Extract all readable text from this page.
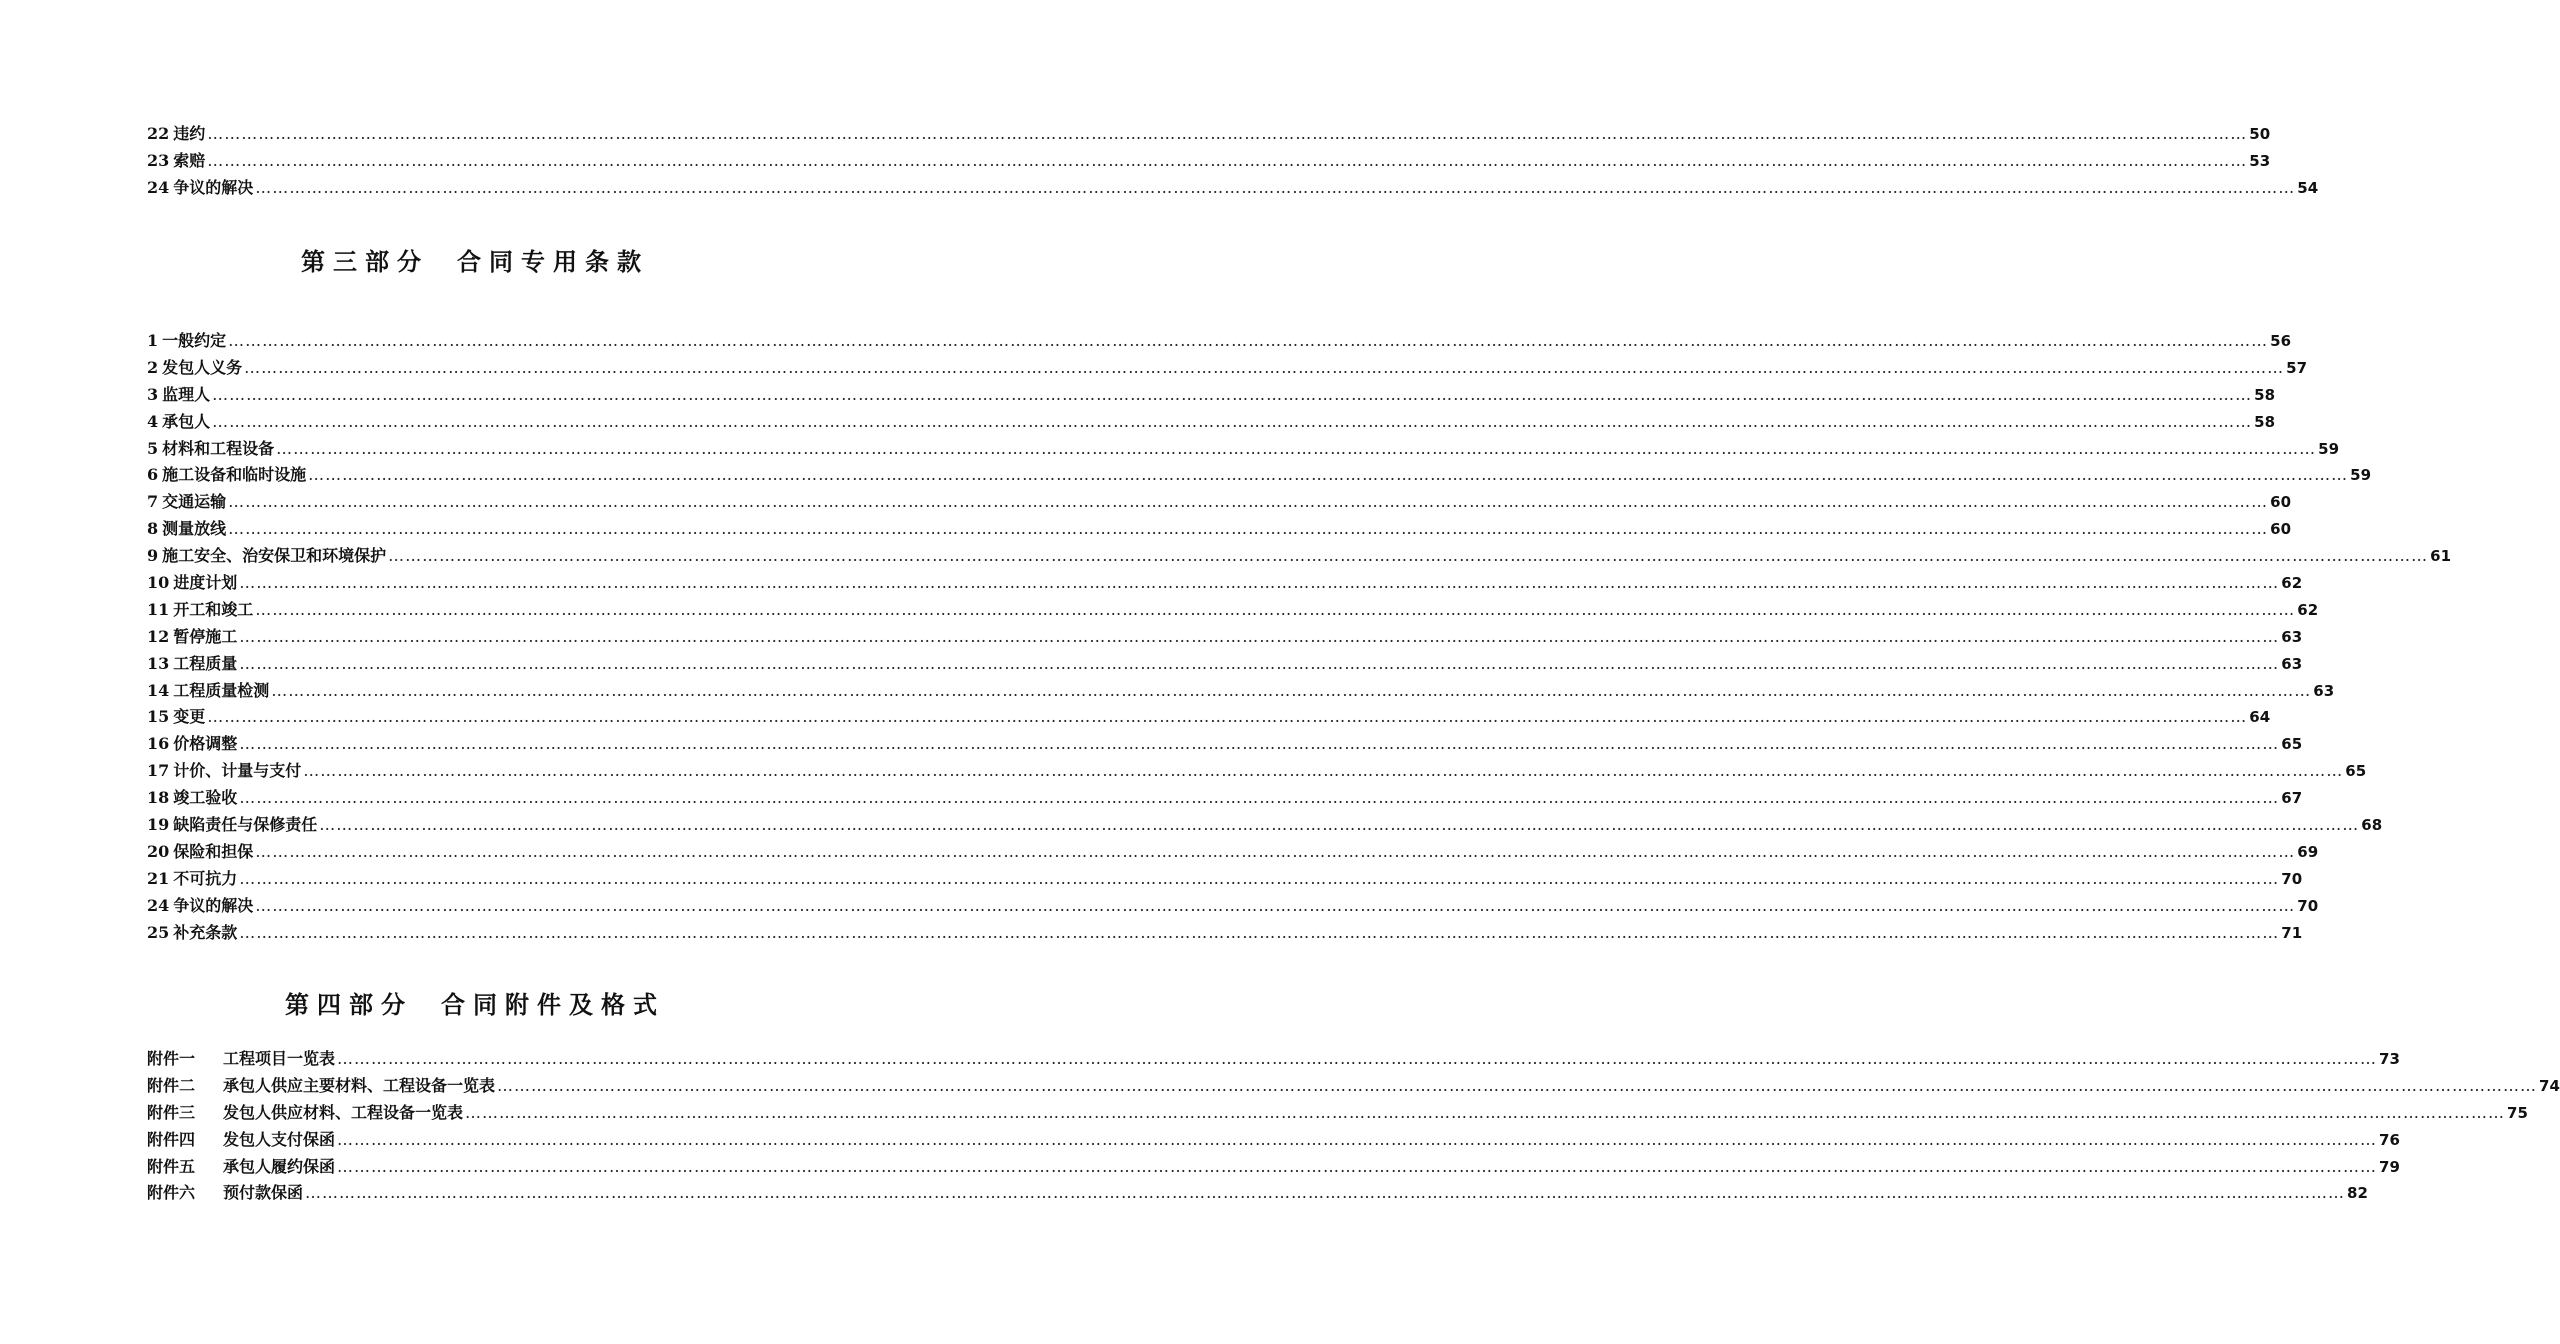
22 违约 ……………………………………………………………………………………………………………………………………………………………………………………………………………………………………………………………………………………………………………………………… 50
23 索赔 ……………………………………………………………………………………………………………………………………………………………………………………………………………………………………………………………………………………………………………………………… 53
24 争议的解决 ……………………………………………………………………………………………………………………………………………………………………………………………………………………………………………………………………………………………………………………………… 54
第三部分 合同专用条款
1 一般约定 ……………………………………………………………………………………………………………………………………………………………………………………………………………………………………………………………………………………………………………………………… 56
2 发包人义务 ……………………………………………………………………………………………………………………………………………………………………………………………………………………………………………………………………………………………………………………………… 57
3 监理人 ……………………………………………………………………………………………………………………………………………………………………………………………………………………………………………………………………………………………………………………………… 58
4 承包人 ……………………………………………………………………………………………………………………………………………………………………………………………………………………………………………………………………………………………………………………………… 58
5 材料和工程设备 ……………………………………………………………………………………………………………………………………………………………………………………………………………………………………………………………………………………………………………………………… 59
6 施工设备和临时设施 ……………………………………………………………………………………………………………………………………………………………………………………………………………………………………………………………………………………………………………………………… 59
7 交通运输 ……………………………………………………………………………………………………………………………………………………………………………………………………………………………………………………………………………………………………………………………… 60
8 测量放线 ……………………………………………………………………………………………………………………………………………………………………………………………………………………………………………………………………………………………………………………………… 60
9 施工安全、治安保卫和环境保护 ……………………………………………………………………………………………………………………………………………………………………………………………………………………………………………………………………………………………………………………………… 61
10 进度计划 ……………………………………………………………………………………………………………………………………………………………………………………………………………………………………………………………………………………………………………………………… 62
11 开工和竣工 ……………………………………………………………………………………………………………………………………………………………………………………………………………………………………………………………………………………………………………………………… 62
12 暂停施工 ……………………………………………………………………………………………………………………………………………………………………………………………………………………………………………………………………………………………………………………………… 63
13 工程质量 ……………………………………………………………………………………………………………………………………………………………………………………………………………………………………………………………………………………………………………………………… 63
14 工程质量检测 ……………………………………………………………………………………………………………………………………………………………………………………………………………………………………………………………………………………………………………………………… 63
15 变更 ……………………………………………………………………………………………………………………………………………………………………………………………………………………………………………………………………………………………………………………………… 64
16 价格调整 ……………………………………………………………………………………………………………………………………………………………………………………………………………………………………………………………………………………………………………………………… 65
17 计价、计量与支付 ……………………………………………………………………………………………………………………………………………………………………………………………………………………………………………………………………………………………………………………………… 65
18 竣工验收 ……………………………………………………………………………………………………………………………………………………………………………………………………………………………………………………………………………………………………………………………… 67
19 缺陷责任与保修责任 ……………………………………………………………………………………………………………………………………………………………………………………………………………………………………………………………………………………………………………………………… 68
20 保险和担保 ……………………………………………………………………………………………………………………………………………………………………………………………………………………………………………………………………………………………………………………………… 69
21 不可抗力 ……………………………………………………………………………………………………………………………………………………………………………………………………………………………………………………………………………………………………………………………… 70
24 争议的解决 ……………………………………………………………………………………………………………………………………………………………………………………………………………………………………………………………………………………………………………………………… 70
25 补充条款 ……………………………………………………………………………………………………………………………………………………………………………………………………………………………………………………………………………………………………………………………… 71
第四部分 合同附件及格式
附件一 工程项目一览表 ……………………………………………………………………………………………………………………………………………………………………………………………………………………………………………………………………………………………………………………………… 73
附件二 承包人供应主要材料、工程设备一览表 ……………………………………………………………………………………………………………………………………………………………………………………………………………………………………………………………………………………………………………………………… 74
附件三 发包人供应材料、工程设备一览表 ……………………………………………………………………………………………………………………………………………………………………………………………………………………………………………………………………………………………………………………………… 75
附件四 发包人支付保函 ……………………………………………………………………………………………………………………………………………………………………………………………………………………………………………………………………………………………………………………………… 76
附件五 承包人履约保函 ……………………………………………………………………………………………………………………………………………………………………………………………………………………………………………………………………………………………………………………………… 79
附件六 预付款保函 ……………………………………………………………………………………………………………………………………………………………………………………………………………………………………………………………………………………………………………………………… 82
